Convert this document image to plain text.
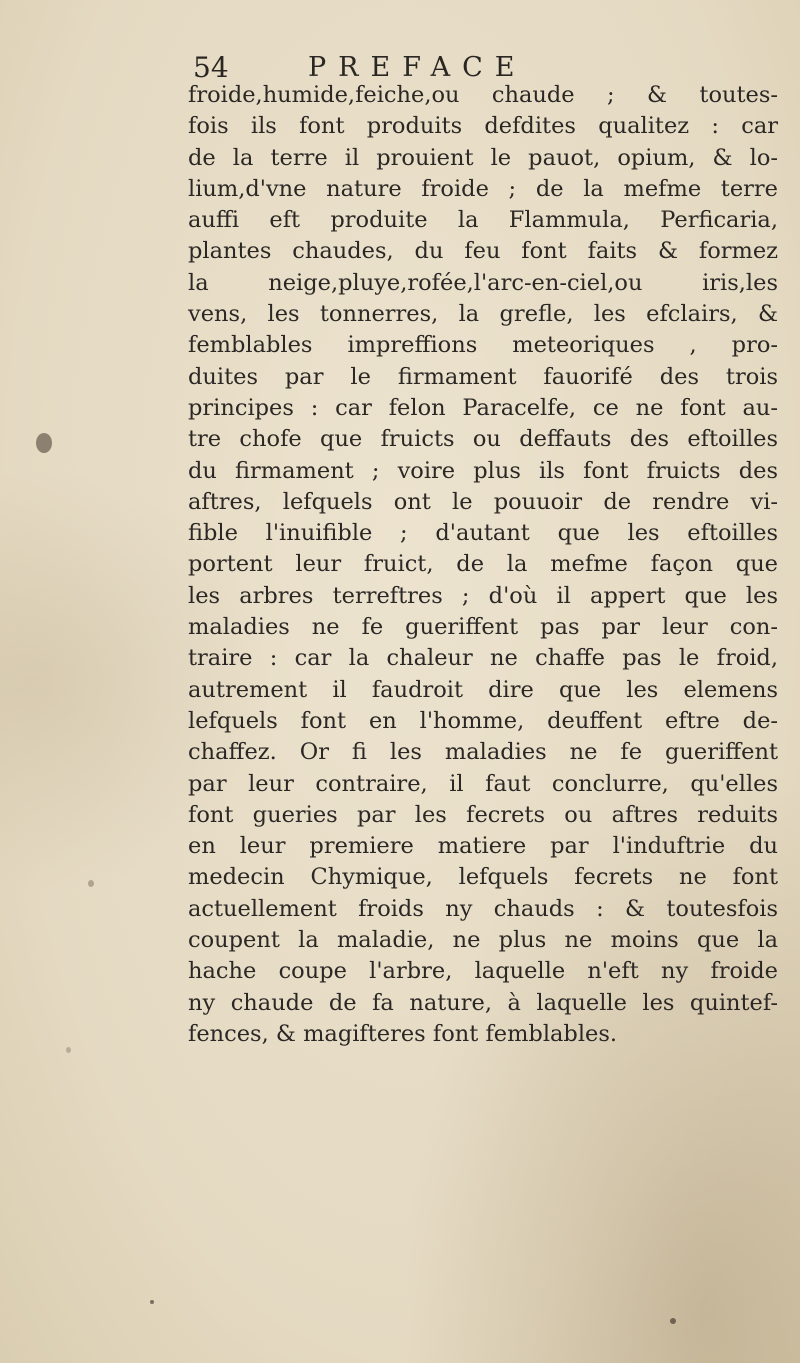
54	PREFACE
froide,humide,feiche,ou chaude ; & toutes-
fois ils font produits defdites qualitez : car
de la terre il prouient le pauot, opium, & lo-
lium,d'vne nature froide ; de la mefme terre
auffi eft produite la Flammula, Perficaria,
plantes chaudes, du feu font faits & formez
la neige,pluye,rofée,l'arc-en-ciel,ou iris,les
vens, les tonnerres, la grefle, les efclairs, &
femblables impreffions meteoriques , pro-
duites par le firmament fauorifé des trois
principes : car felon Paracelfe, ce ne font au-
tre chofe que fruicts ou deffauts des eftoilles
du firmament ; voire plus ils font fruicts des
aftres, lefquels ont le pouuoir de rendre vi-
fible l'inuifible ; d'autant que les eftoilles
portent leur fruict, de la mefme façon que
les arbres terreftres ; d'où il appert que les
maladies ne fe gueriffent pas par leur con-
traire : car la chaleur ne chaffe pas le froid,
autrement il faudroit dire que les elemens
lefquels font en l'homme, deuffent eftre de-
chaffez. Or fi les maladies ne fe gueriffent
par leur contraire, il faut conclurre, qu'elles
font gueries par les fecrets ou aftres reduits
en leur premiere matiere par l'induftrie du
medecin Chymique, lefquels fecrets ne font
actuellement froids ny chauds : & toutesfois
coupent la maladie, ne plus ne moins que la
hache coupe l'arbre, laquelle n'eft ny froide
ny chaude de fa nature, à laquelle les quintef-
fences, & magifteres font femblables.
